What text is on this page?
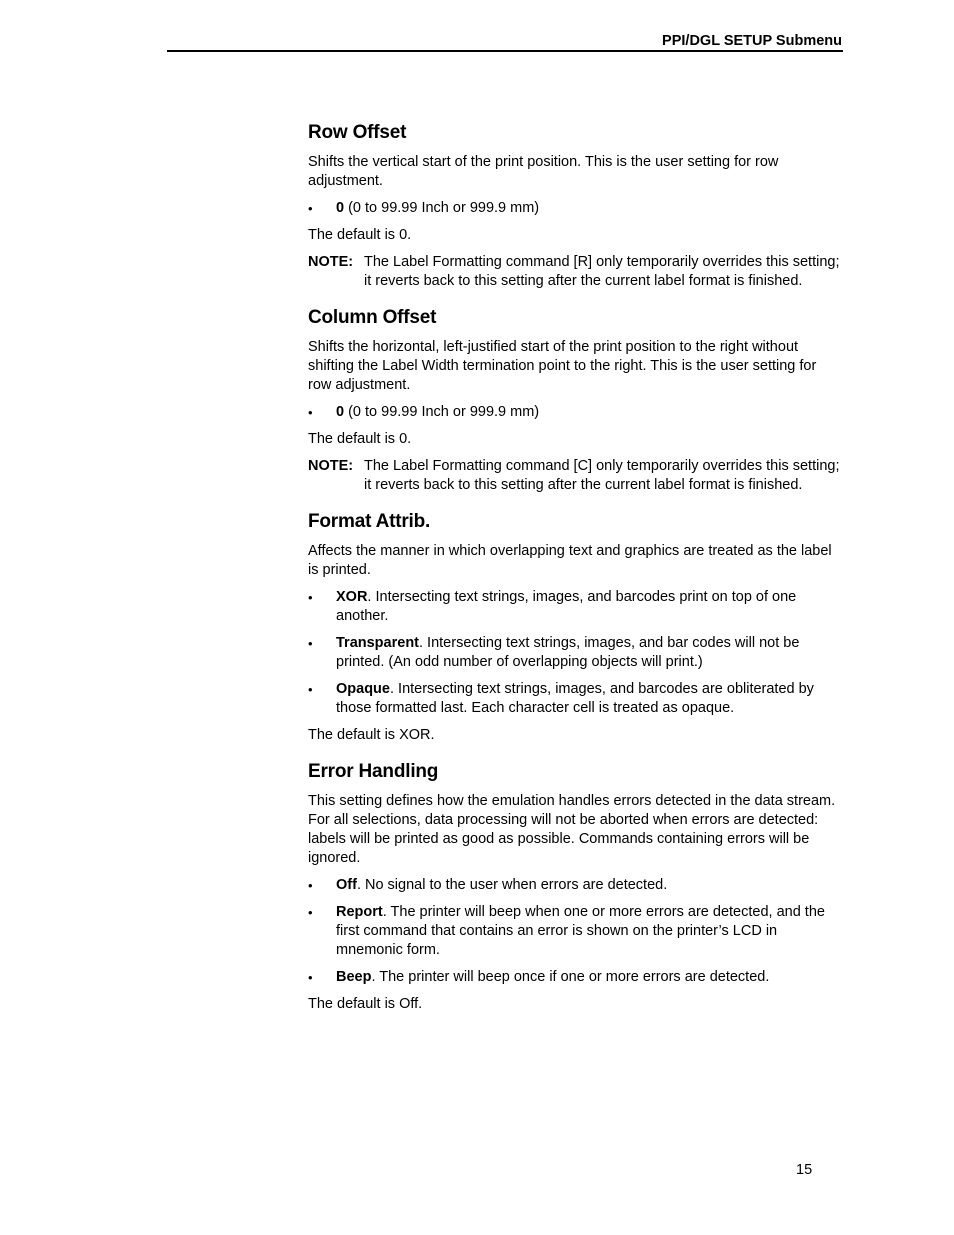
PPI/DGL SETUP Submenu
Row Offset

Shifts the vertical start of the print position. This is the user setting for row adjustment.

• 0 (0 to 99.99 Inch or 999.9 mm)

The default is 0.

NOTE: The Label Formatting command [R] only temporarily overrides this setting; it reverts back to this setting after the current label format is finished.
Column Offset

Shifts the horizontal, left-justified start of the print position to the right without shifting the Label Width termination point to the right. This is the user setting for row adjustment.

• 0 (0 to 99.99 Inch or 999.9 mm)

The default is 0.

NOTE: The Label Formatting command [C] only temporarily overrides this setting; it reverts back to this setting after the current label format is finished.
Format Attrib.

Affects the manner in which overlapping text and graphics are treated as the label is printed.

• XOR. Intersecting text strings, images, and barcodes print on top of one another.
• Transparent. Intersecting text strings, images, and bar codes will not be printed. (An odd number of overlapping objects will print.)
• Opaque. Intersecting text strings, images, and barcodes are obliterated by those formatted last. Each character cell is treated as opaque.

The default is XOR.

Error Handling

This setting defines how the emulation handles errors detected in the data stream. For all selections, data processing will not be aborted when errors are detected: labels will be printed as good as possible. Commands containing errors will be ignored.

• Off. No signal to the user when errors are detected.
• Report. The printer will beep when one or more errors are detected, and the first command that contains an error is shown on the printer’s LCD in mnemonic form.
• Beep. The printer will beep once if one or more errors are detected.

The default is Off.

15
